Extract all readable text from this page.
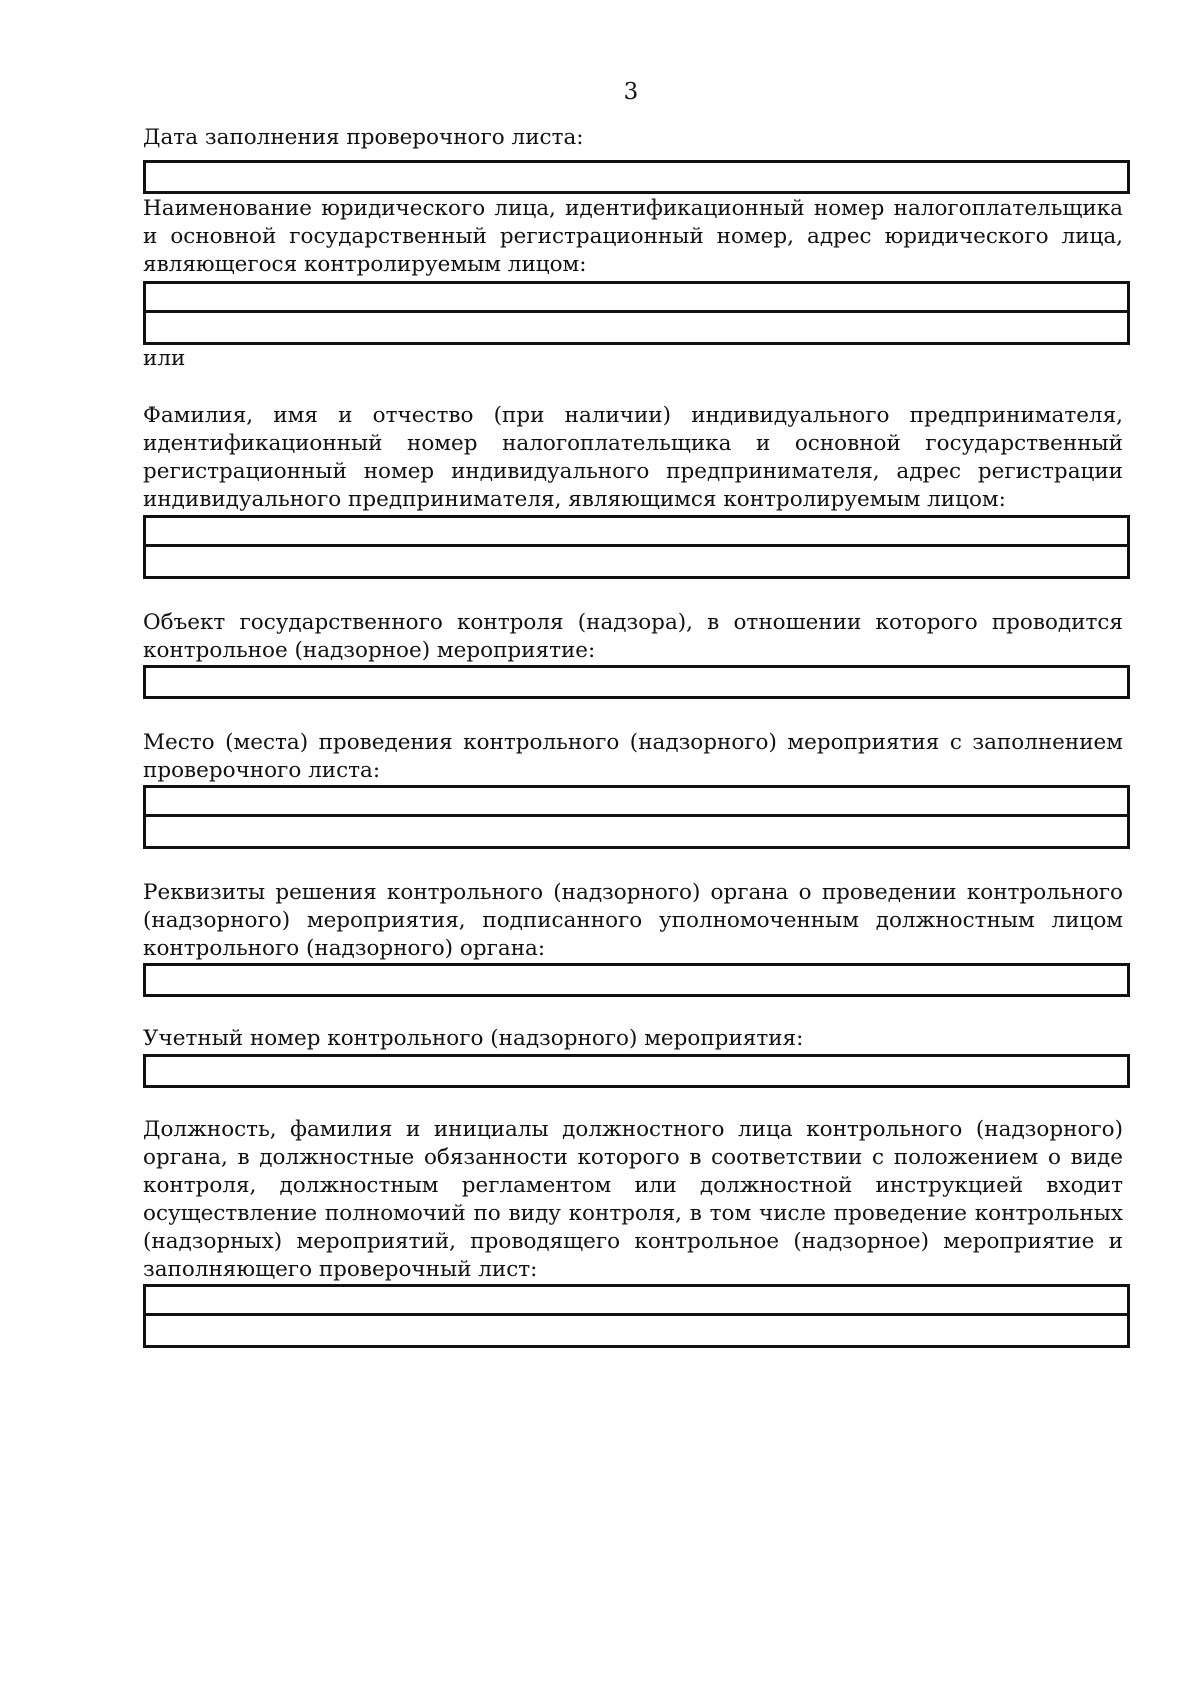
3
Дата заполнения проверочного листа:
Наименование юридического лица, идентификационный номер налогоплательщика и основной государственный регистрационный номер, адрес юридического лица, являющегося контролируемым лицом:
или
Фамилия, имя и отчество (при наличии) индивидуального предпринимателя, идентификационный номер налогоплательщика и основной государственный регистрационный номер индивидуального предпринимателя, адрес регистрации индивидуального предпринимателя, являющимся контролируемым лицом:
Объект государственного контроля (надзора), в отношении которого проводится контрольное (надзорное) мероприятие:
Место (места) проведения контрольного (надзорного) мероприятия с заполнением проверочного листа:
Реквизиты решения контрольного (надзорного) органа о проведении контрольного (надзорного) мероприятия, подписанного уполномоченным должностным лицом контрольного (надзорного) органа:
Учетный номер контрольного (надзорного) мероприятия:
Должность, фамилия и инициалы должностного лица контрольного (надзорного) органа, в должностные обязанности которого в соответствии с положением о виде контроля, должностным регламентом или должностной инструкцией входит осуществление полномочий по виду контроля, в том числе проведение контрольных (надзорных) мероприятий, проводящего контрольное (надзорное) мероприятие и заполняющего проверочный лист:
